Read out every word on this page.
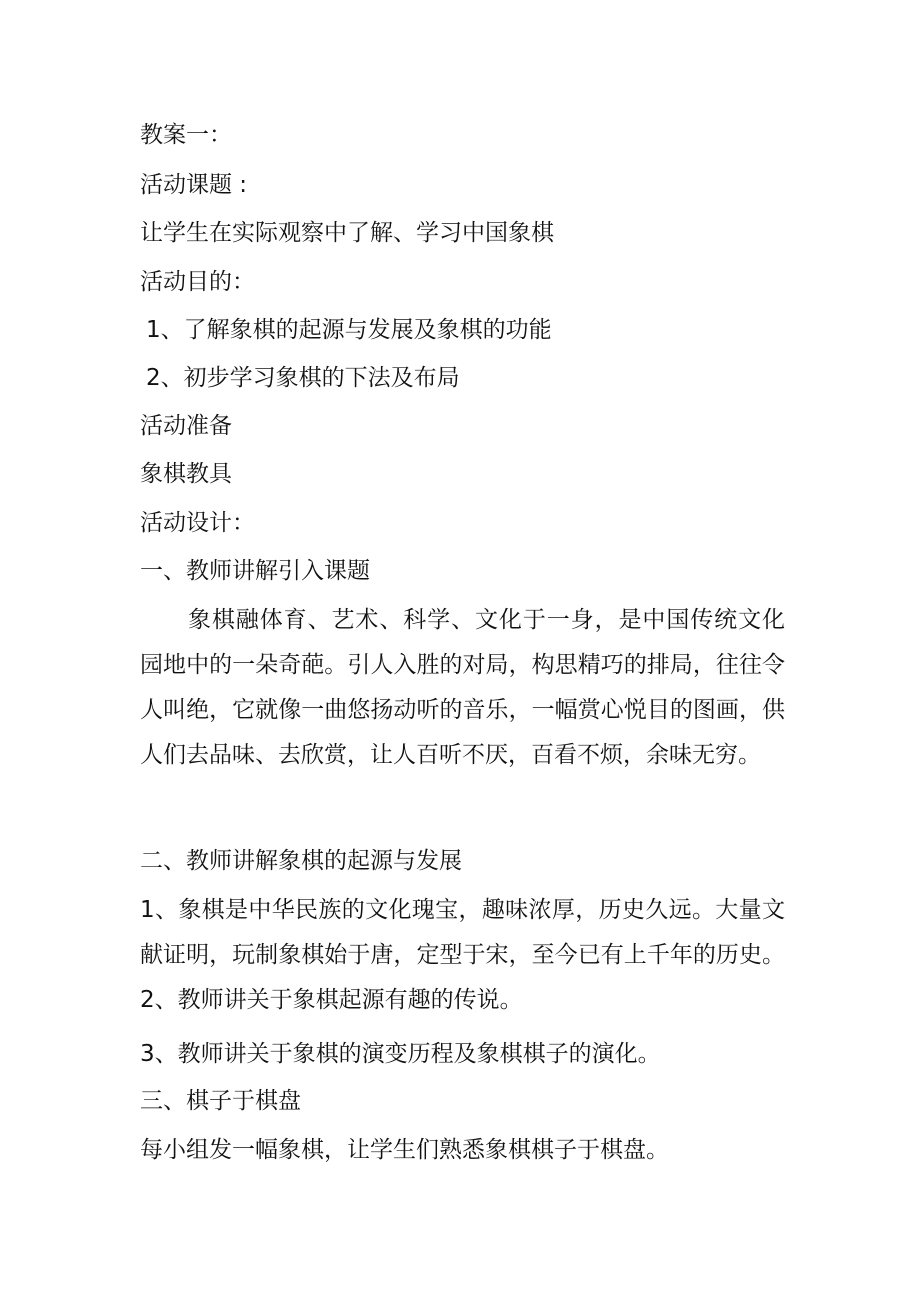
教案一：
活动课题 :
让学生在实际观察中了解、学习中国象棋
活动目的：
1、了解象棋的起源与发展及象棋的功能
2、初步学习象棋的下法及布局
活动准备
象棋教具
活动设计：
一、教师讲解引入课题

象棋融体育、艺术、科学、文化于一身，是中国传统文化园地中的一朵奇葩。引人入胜的对局，构思精巧的排局，往往令人叫绝，它就像一曲悠扬动听的音乐，一幅赏心悦目的图画，供人们去品味、去欣赏，让人百听不厌，百看不烦，余味无穷。

二、教师讲解象棋的起源与发展

1、象棋是中华民族的文化瑰宝，趣味浓厚，历史久远。大量文献证明，玩制象棋始于唐，定型于宋，至今已有上千年的历史。 2、教师讲关于象棋起源有趣的传说。

3、教师讲关于象棋的演变历程及象棋棋子的演化。
三、棋子于棋盘
每小组发一幅象棋，让学生们熟悉象棋棋子于棋盘。
